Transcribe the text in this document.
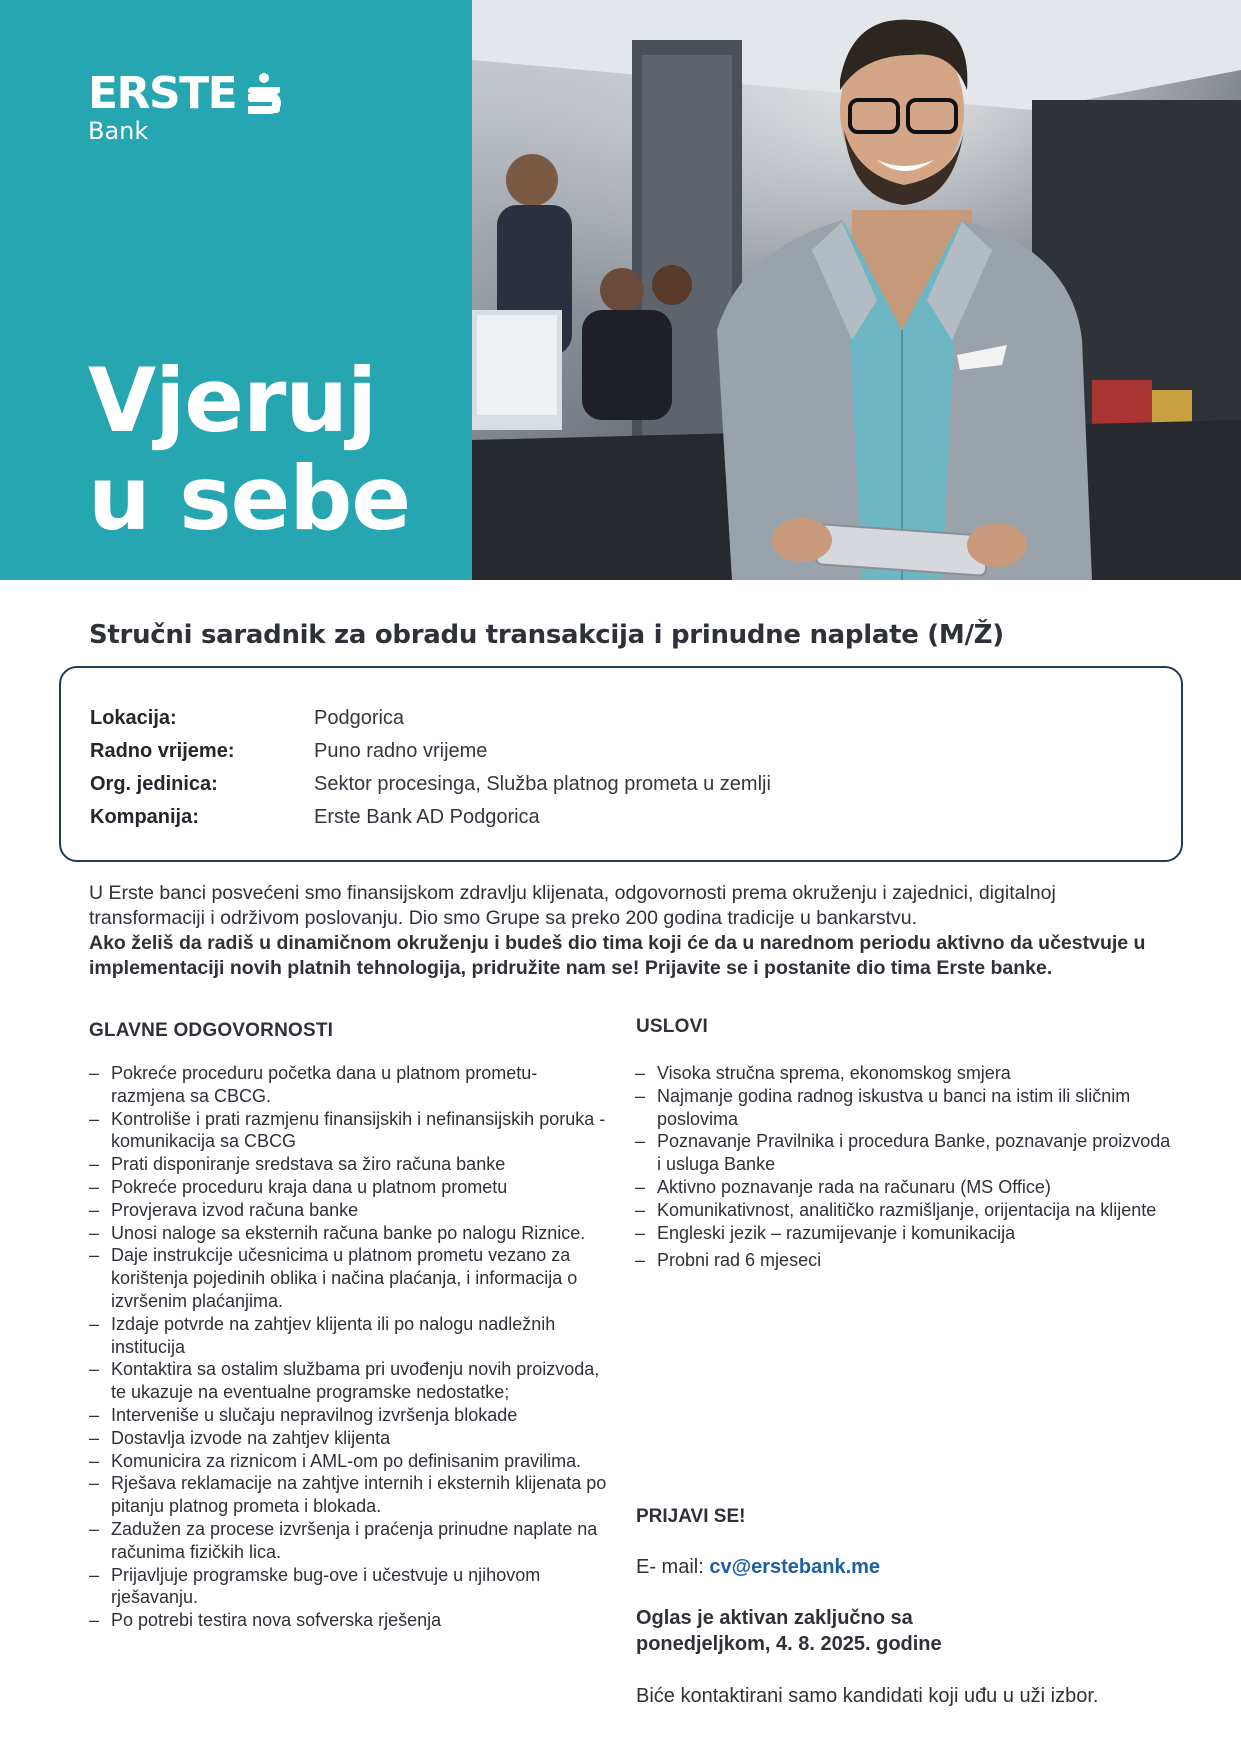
ERSTE
Bank
Vjeruj
u sebe
Stručni saradnik za obradu transakcija i prinudne naplate (M/Ž)
Lokacija:	Podgorica
Radno vrijeme:	Puno radno vrijeme
Org. jedinica:	Sektor procesinga, Služba platnog prometa u zemlji
Kompanija:	Erste Bank AD Podgorica

U Erste banci posvećeni smo finansijskom zdravlju klijenata, odgovornosti prema okruženju i zajednici, digitalnoj transformaciji i održivom poslovanju. Dio smo Grupe sa preko 200 godina tradicije u bankarstvu.

Ako želiš da radiš u dinamičnom okruženju i budeš dio tima koji će da u narednom periodu aktivno da učestvuje u implementaciji novih platnih tehnologija, pridružite nam se! Prijavite se i postanite dio tima Erste banke.

GLAVNE ODGOVORNOSTI
– Pokreće proceduru početka dana u platnom prometu-razmjena sa CBCG.
– Kontroliše i prati razmjenu finansijskih i nefinansijskih poruka -komunikacija sa CBCG
– Prati disponiranje sredstava sa žiro računa banke
– Pokreće proceduru kraja dana u platnom prometu
– Provjerava izvod računa banke
– Unosi naloge sa eksternih računa banke po nalogu Riznice.
– Daje instrukcije učesnicima u platnom prometu vezano za korištenja pojedinih oblika i načina plaćanja, i informacija o izvršenim plaćanjima.
– Izdaje potvrde na zahtjev klijenta ili po nalogu nadležnih institucija
– Kontaktira sa ostalim službama pri uvođenju novih proizvoda, te ukazuje na eventualne programske nedostatke;
– Interveniše u slučaju nepravilnog izvršenja blokade
– Dostavlja izvode na zahtjev klijenta
– Komunicira za riznicom i AML-om po definisanim pravilima.
– Rješava reklamacije na zahtjve internih i eksternih klijenata po pitanju platnog prometa i blokada.
– Zadužen za procese izvršenja i praćenja prinudne naplate na računima fizičkih lica.
– Prijavljuje programske bug-ove i učestvuje u njihovom rješavanju.
– Po potrebi testira nova sofverska rješenja
USLOVI
– Visoka stručna sprema, ekonomskog smjera
– Najmanje godina radnog iskustva u banci na istim ili sličnim poslovima
– Poznavanje Pravilnika i procedura Banke, poznavanje proizvoda i usluga Banke
– Aktivno poznavanje rada na računaru (MS Office)
– Komunikativnost, analitičko razmišljanje, orijentacija na klijente
– Engleski jezik – razumijevanje i komunikacija
– Probni rad 6 mjeseci
PRIJAVI SE!
E- mail: cv@erstebank.me
Oglas je aktivan zaključno sa
ponedjeljkom, 4. 8. 2025. godine
Biće kontaktirani samo kandidati koji uđu u uži izbor.
